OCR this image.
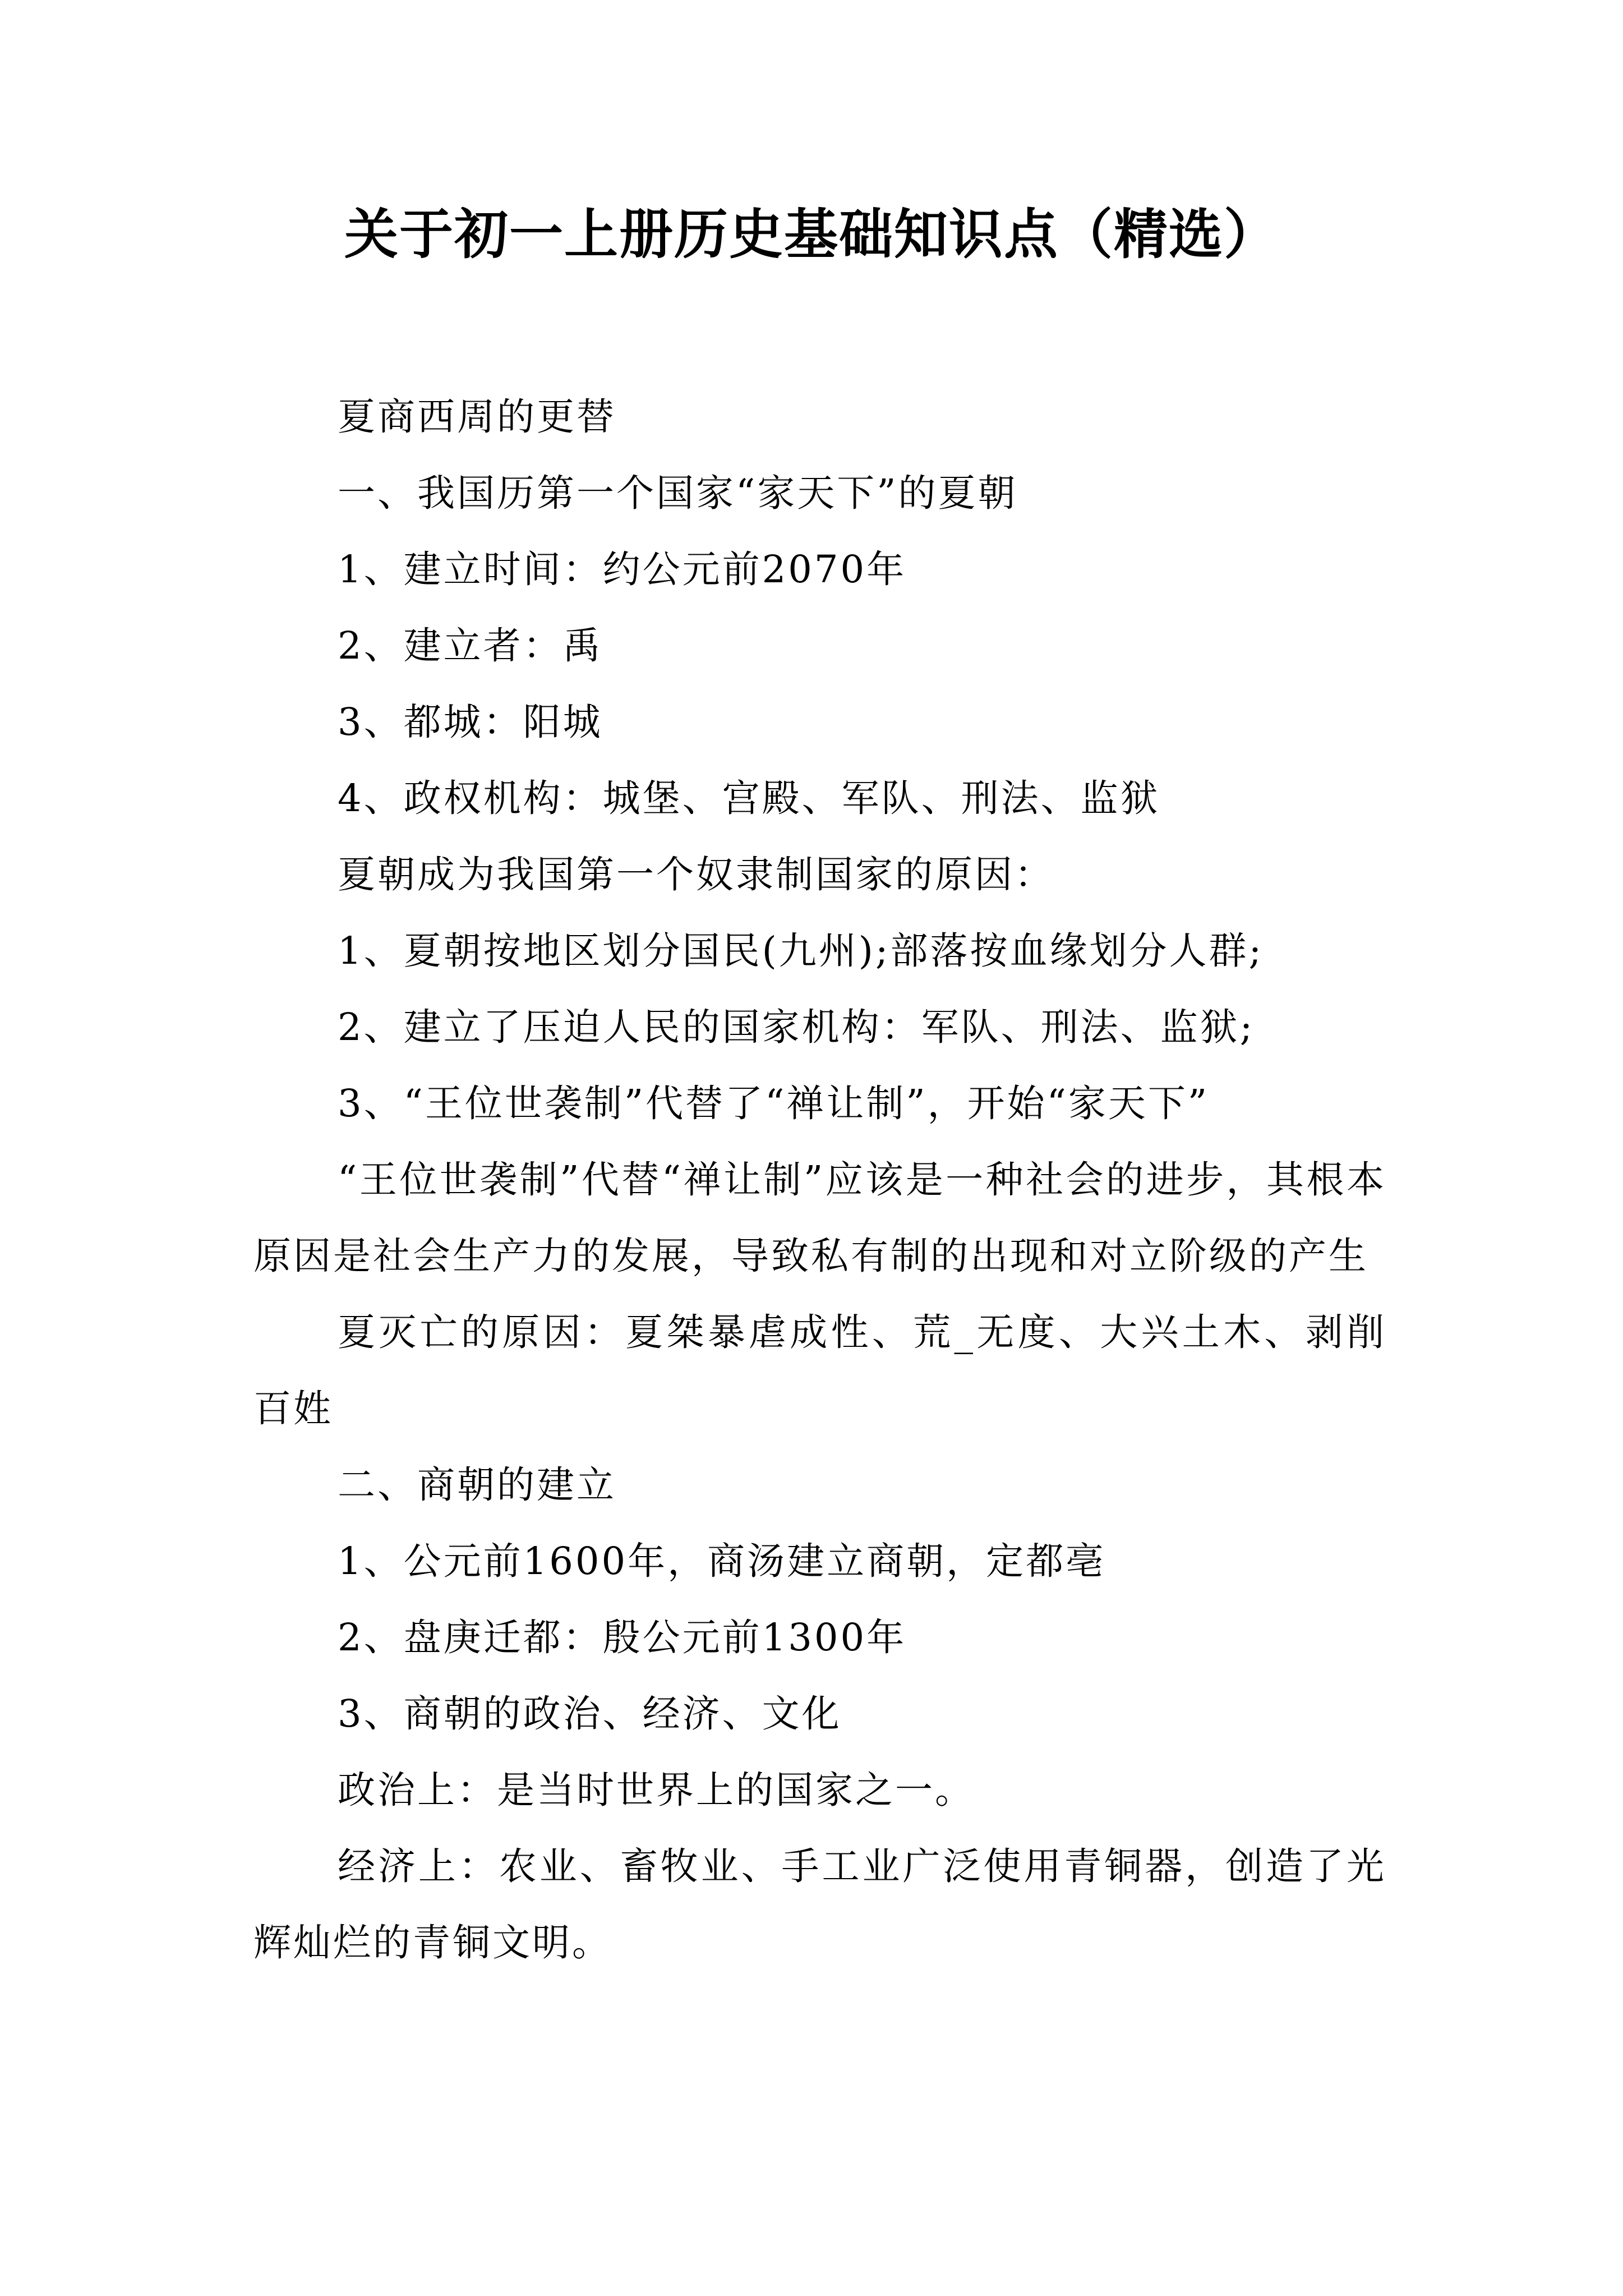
关于初一上册历史基础知识点（精选）

夏商西周的更替

一、我国历第一个国家“家天下”的夏朝

1、建立时间：约公元前2070年

2、建立者：禹

3、都城：阳城

4、政权机构：城堡、宫殿、军队、刑法、监狱

夏朝成为我国第一个奴隶制国家的原因：

1、夏朝按地区划分国民(九州);部落按血缘划分人群;

2、建立了压迫人民的国家机构：军队、刑法、监狱;

3、“王位世袭制”代替了“禅让制”，开始“家天下”

“王位世袭制”代替“禅让制”应该是一种社会的进步，其根本原因是社会生产力的发展，导致私有制的出现和对立阶级的产生

夏灭亡的原因：夏桀暴虐成性、荒_无度、大兴土木、剥削百姓

二、商朝的建立

1、公元前1600年，商汤建立商朝，定都亳

2、盘庚迁都：殷公元前1300年

3、商朝的政治、经济、文化

政治上：是当时世界上的国家之一。

经济上：农业、畜牧业、手工业广泛使用青铜器，创造了光辉灿烂的青铜文明。
